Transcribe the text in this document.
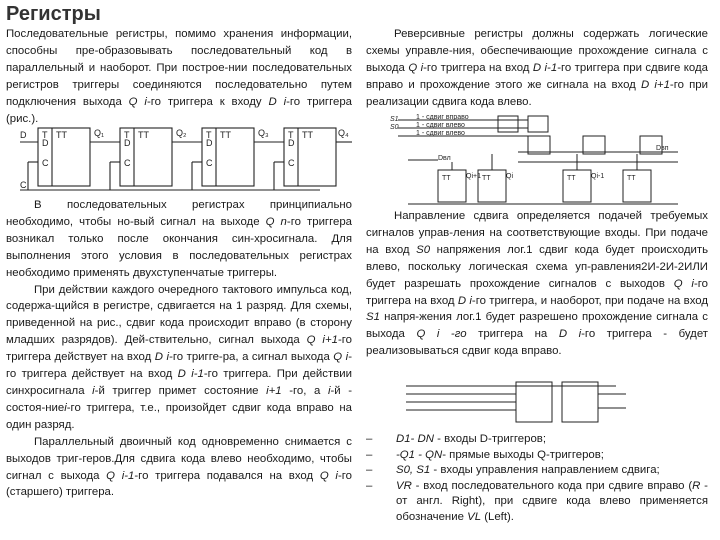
Регистры

Последовательные регистры, помимо хранения информации, способны пре-образовывать последовательный код в параллельный и наоборот. При построе-нии последовательных регистров триггеры соединяются последовательно путем подключения выхода Q i-го триггера к входу D i-го триггера (рис.).

T TT
D
C
T TT
D
C
T TT
D
C
T TT
D
C
Q₁	Q₂	Q₃	Q₄
D
C
В последовательных регистрах принципиально необходимо, чтобы но-вый сигнал на выходе Q n-го триггера возникал только после окончания син-хросигнала. Для выполнения этого условия в последовательных регистрах необходимо применять двухступенчатые триггеры.
При действии каждого очередного тактового импульса код, содержа-щийся в регистре, сдвигается на 1 разряд. Для схемы, приведенной на рис., сдвиг кода происходит вправо (в сторону младших разрядов). Дей-ствительно, сигнал выхода Q i+1-го триггера действует на вход D i-го тригге-ра, а сигнал выхода Q i-го триггера действует на вход D i-1-го триггера. При действии синхросигнала i-й триггер примет состояние i+1 -го, а i-й - состоя-ниеi-го триггера, т.е., произойдет сдвиг кода вправо на один разряд.
Параллельный двоичный код одновременно снимается с выходов триг-геров.Для сдвига кода влево необходимо, чтобы сигнал с выхода Q i-1-го триггера подавался на вход Q i-го (старшего) триггера.

Реверсивные регистры должны содержать логические схемы управле-ния, обеспечивающие прохождение сигнала с выхода Q i-го триггера на вход D i-1-го триггера при сдвиге кода вправо и прохождение этого же сигнала на вход D i+1-го при реализации сдвига кода влево.

1 - сдвиг вправо
1 - сдвиг влево
1 - сдвиг влево
S1
S0
Dвл
Dвп
Qi+1	Qi	Qi-1
TT	TT	TT	TT

Направление сдвига определяется подачей требуемых сигналов управ-ления на соответствующие входы. При подаче на вход S0 напряжения лог.1 сдвиг кода будет происходить влево, поскольку логическая схема уп-равления2И-2И-2ИЛИ будет разрешать прохождение сигналов с выходов Q i-го триггера на вход D i-го триггера, и наоборот, при подаче на вход S1 напря-жения лог.1 будет разрешено прохождение сигнала с выхода Q i -го триггера на D i-го триггера - будет реализовываться сдвиг кода вправо.

– D1- DN - входы D-триггеров;
– -Q1 - QN- прямые выходы Q-триггеров;
– S0, S1 - входы управления направлением сдвига;
– VR - вход последовательного кода при сдвиге вправо (R - от англ. Right), при сдвиге кода влево применяется обозначение VL (Left).
